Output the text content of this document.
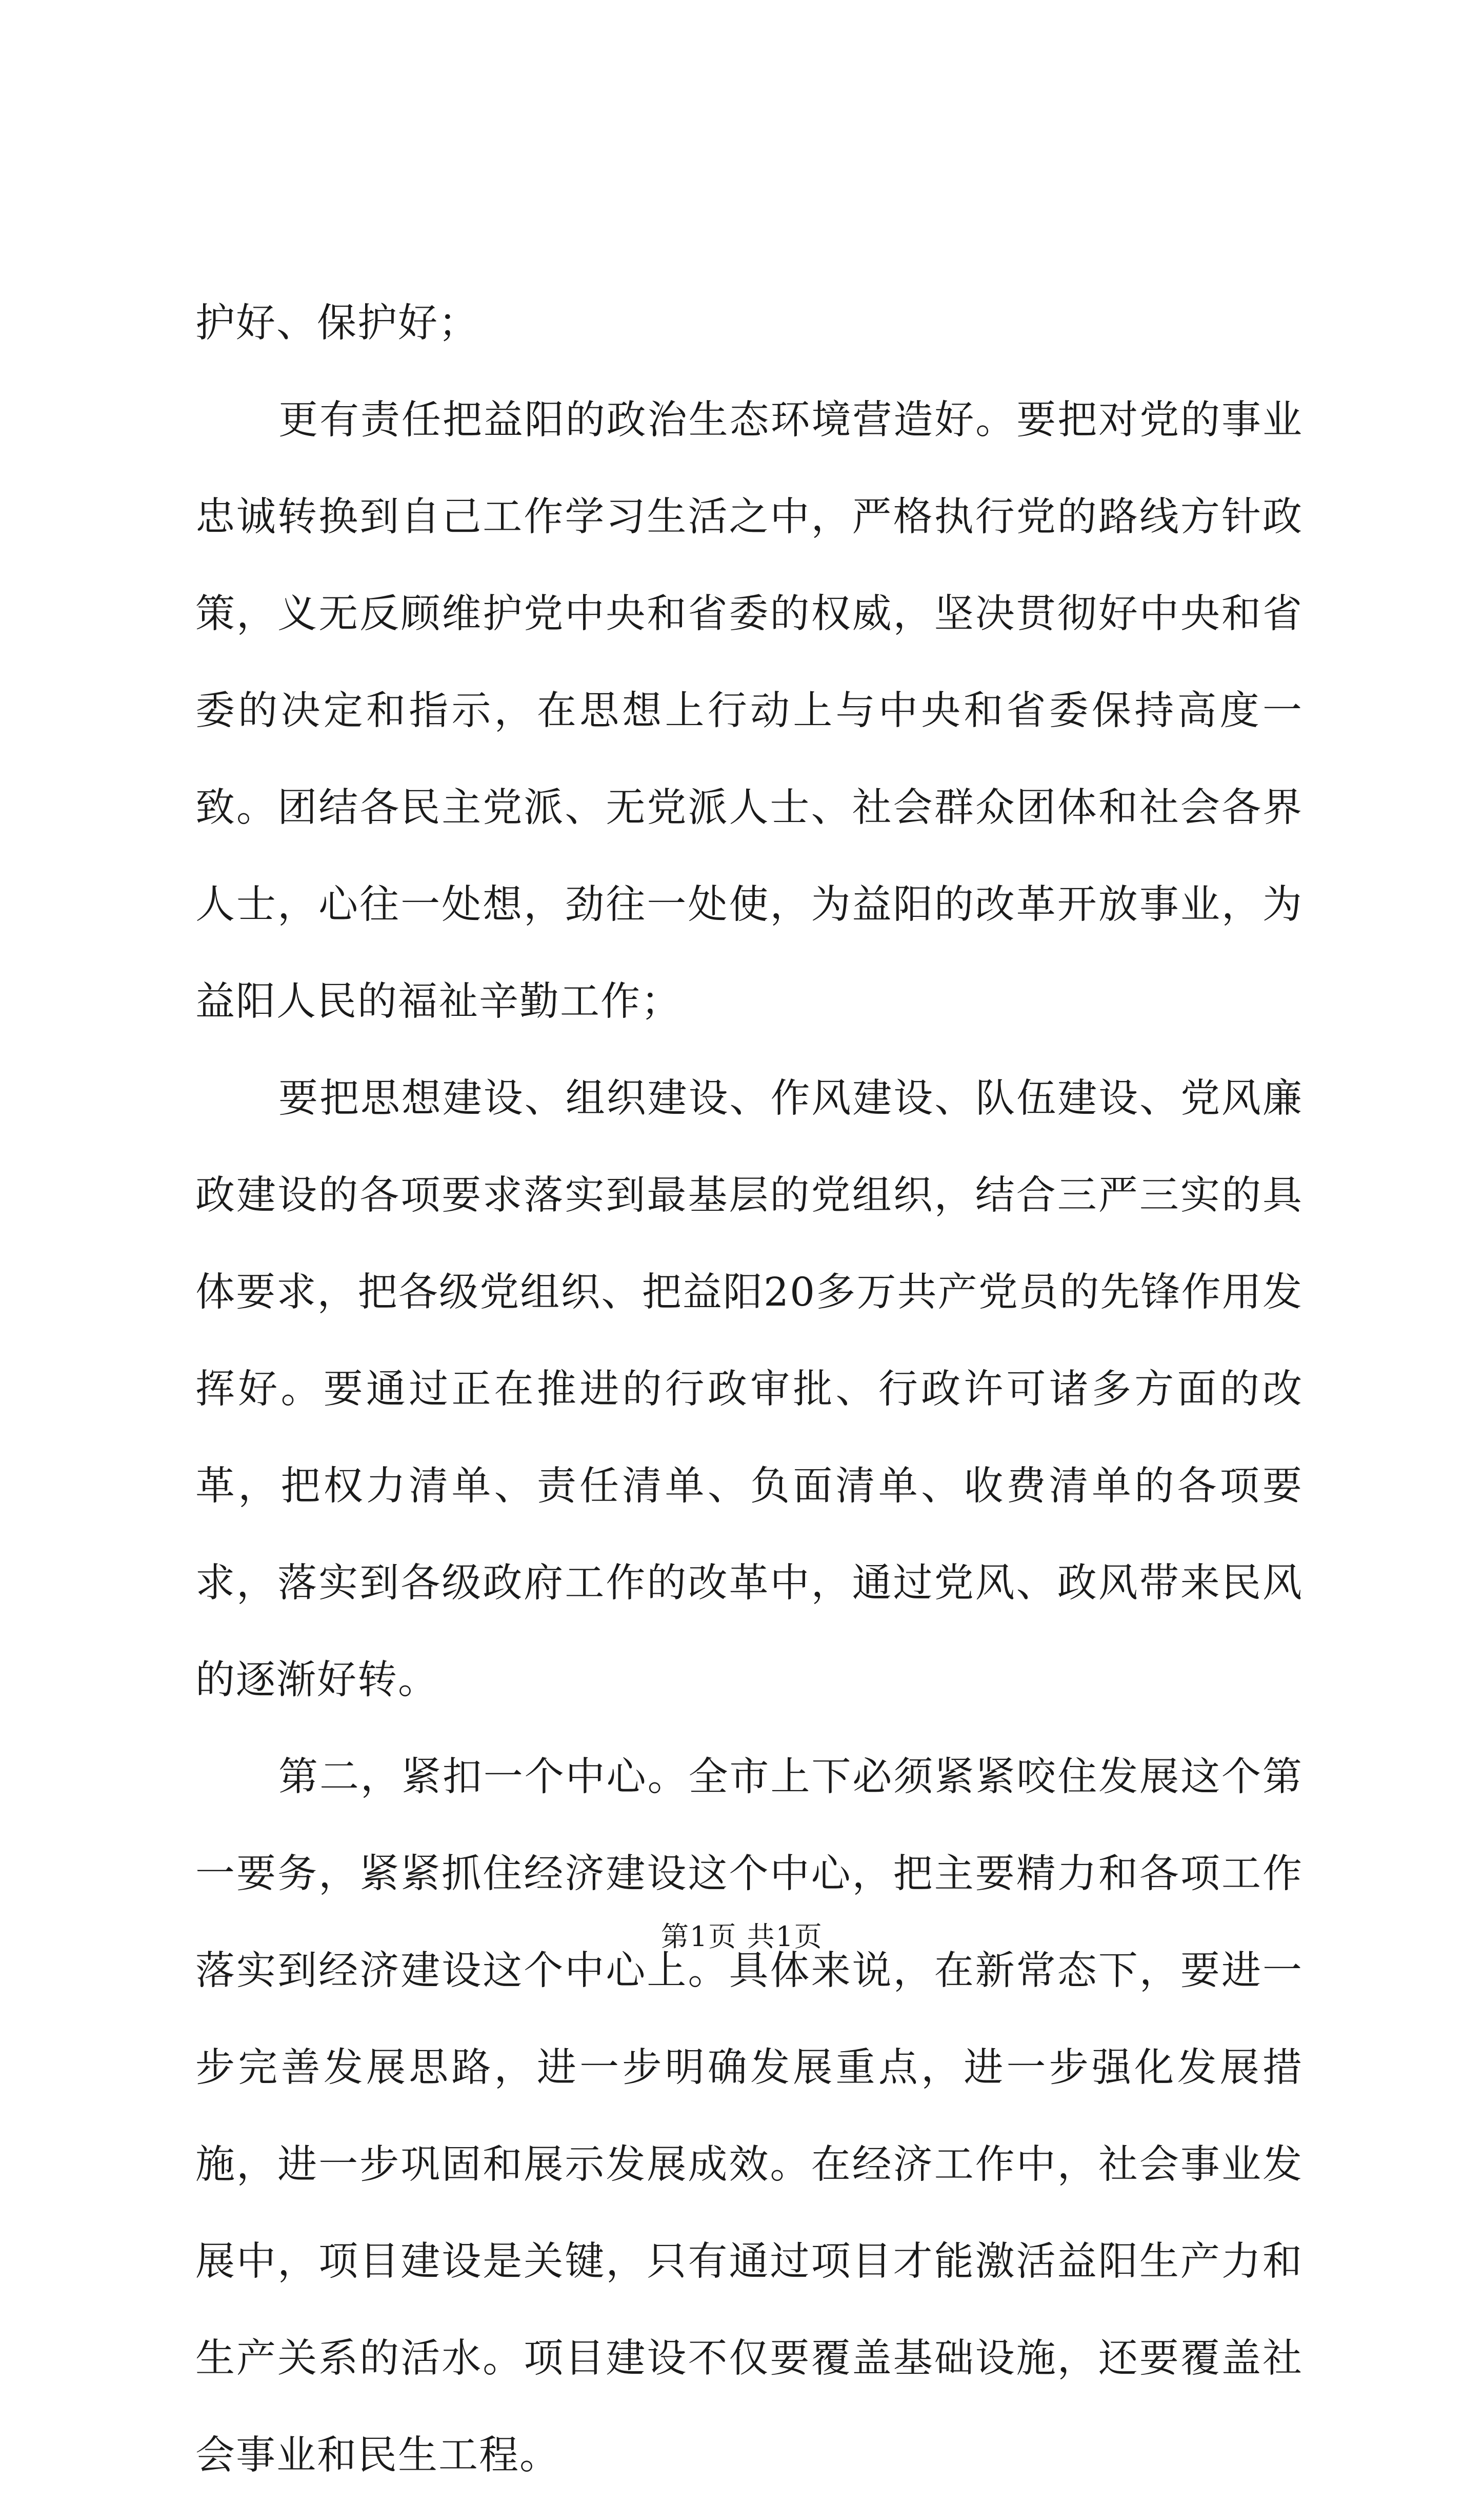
护好、保护好；

更有责任把益阳的政治生态环境营造好。要把对党的事业忠诚转换到自己工作学习生活之中，严格执行党的路线方针政策，义无反顾维护党中央和省委的权威，坚决贯彻好中央和省委的决定和指示，在思想上行动上与中央和省委保持高度一致。团结各民主党派、无党派人士、社会群众团体和社会各界人士，心往一处想，劲往一处使，为益阳的改革开放事业，为益阳人民的福祉辛勤工作；

要把思想建设、组织建设、作风建设、队伍建设、党风廉政建设的各项要求落实到最基层的党组织，结合三严三实的具体要求，把各级党组织、把益阳20多万共产党员的先锋作用发挥好。要通过正在推进的行政审批、行政许可诸多方面的改革，把权力清单、责任清单、负面清单、收费清单的各项要求，落实到各级政府工作的改革中，通过党风、政风带来民风的逐渐好转。

第二，紧扣一个中心。全市上下必须紧紧咬住发展这个第一要务，紧紧抓住经济建设这个中心，把主要精力和各项工作落实到经济建设这个中心上。具体来说，在新常态下，要进一步完善发展思路，进一步明确发展重点，进一步强化发展措施，进一步巩固和展示发展成效。在经济工作中，社会事业发展中，项目建设是关键，只有通过项目才能激活益阳生产力和生产关系的活水。项目建设不仅要覆盖基础设施，还要覆盖社会事业和民生工程。

第1页 共1页
